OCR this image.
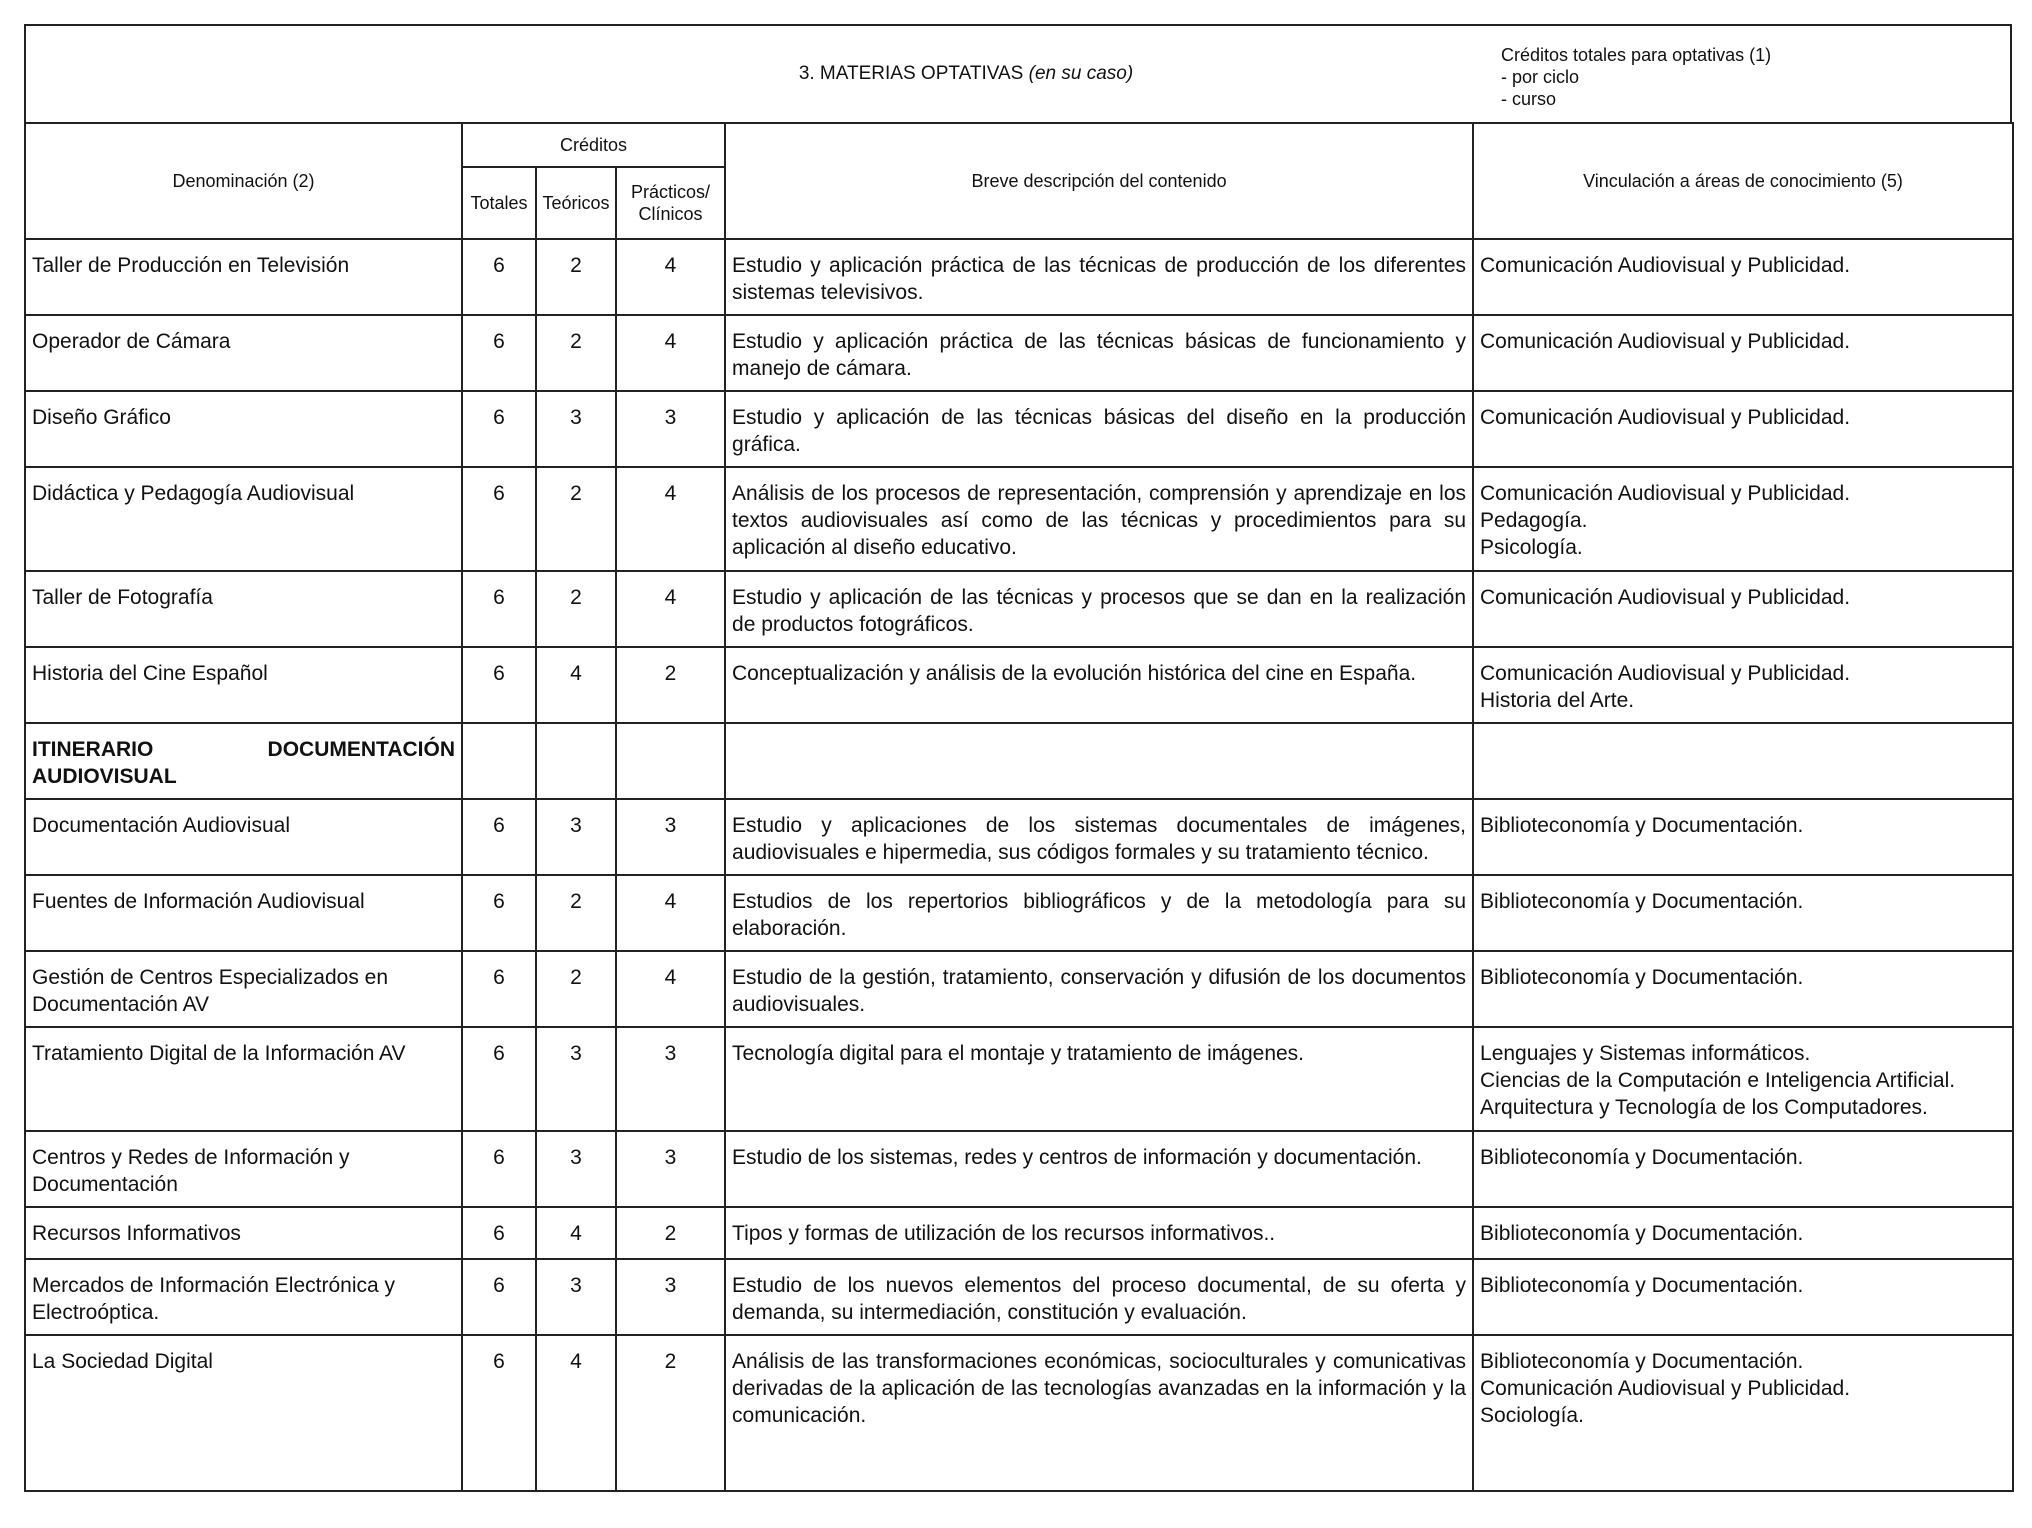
3. MATERIAS OPTATIVAS (en su caso)
Créditos totales para optativas (1)
- por ciclo
- curso
Denominación (2)	Créditos			Breve descripción del contenido	Vinculación a áreas de conocimiento (5)
	Totales	Teóricos	Prácticos/ Clínicos		
Taller de Producción en Televisión	6	2	4	Estudio y aplicación práctica de las técnicas de producción de los diferentes sistemas televisivos.	Comunicación Audiovisual y Publicidad.

Operador de Cámara	6	2	4	Estudio y aplicación práctica de las técnicas básicas de funcionamiento y manejo de cámara.	Comunicación Audiovisual y Publicidad.

Diseño Gráfico	6	3	3	Estudio y aplicación de las técnicas básicas del diseño en la producción gráfica.	Comunicación Audiovisual y Publicidad.

Didáctica y Pedagogía Audiovisual	6	2	4	Análisis de los procesos de representación, comprensión y aprendizaje en los textos audiovisuales así como de las técnicas y procedimientos para su aplicación al diseño educativo.	Comunicación Audiovisual y Publicidad.
Pedagogía.
Psicología.

Taller de Fotografía	6	2	4	Estudio y aplicación de las técnicas y procesos que se dan en la realización de productos fotográficos.	Comunicación Audiovisual y Publicidad.

Historia del Cine Español	6	4	2	Conceptualización y análisis de la evolución histórica del cine en España.	Comunicación Audiovisual y Publicidad.
Historia del Arte.

ITINERARIO DOCUMENTACIÓN AUDIOVISUAL					
Documentación Audiovisual	6	3	3	Estudio y aplicaciones de los sistemas documentales de imágenes, audiovisuales e hipermedia, sus códigos formales y su tratamiento técnico.	Biblioteconomía y Documentación.

Fuentes de Información Audiovisual	6	2	4	Estudios de los repertorios bibliográficos y de la metodología para su elaboración.	Biblioteconomía y Documentación.

Gestión de Centros Especializados en Documentación AV	6	2	4	Estudio de la gestión, tratamiento, conservación y difusión de los documentos audiovisuales.	Biblioteconomía y Documentación.

Tratamiento Digital de la Información AV	6	3	3	Tecnología digital para el montaje y tratamiento de imágenes.	Lenguajes y Sistemas informáticos.
Ciencias de la Computación e Inteligencia Artificial.
Arquitectura y Tecnología de los Computadores.

Centros y Redes de Información y Documentación	6	3	3	Estudio de los sistemas, redes y centros de información y documentación.	Biblioteconomía y Documentación.

Recursos Informativos	6	4	2	Tipos y formas de utilización de los recursos informativos..	Biblioteconomía y Documentación.

Mercados de Información Electrónica y Electroóptica.	6	3	3	Estudio de los nuevos elementos del proceso documental, de su oferta y demanda, su intermediación, constitución y evaluación.	Biblioteconomía y Documentación.

La Sociedad Digital	6	4	2	Análisis de las transformaciones económicas, socioculturales y comunicativas derivadas de la aplicación de las tecnologías avanzadas en la información y la comunicación.	Biblioteconomía y Documentación.
Comunicación Audiovisual y Publicidad.
Sociología.
